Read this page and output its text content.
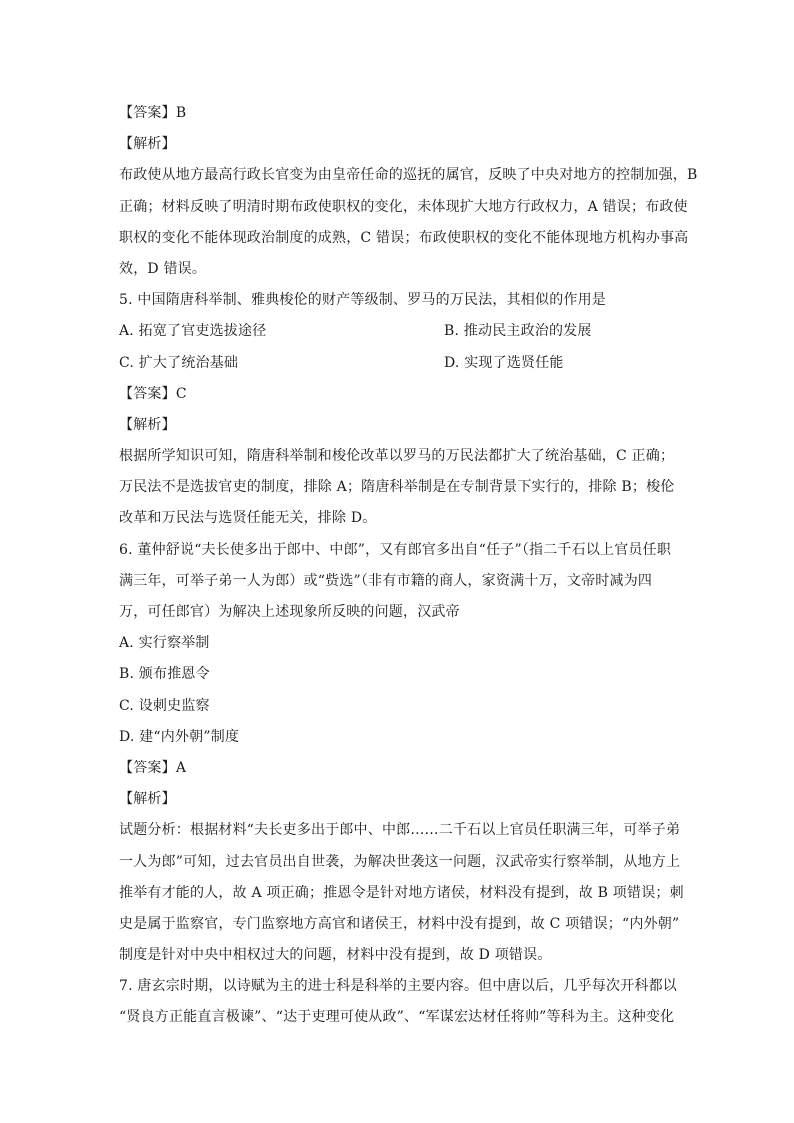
【答案】B
【解析】
布政使从地方最高行政长官变为由皇帝任命的巡抚的属官，反映了中央对地方的控制加强，B
正确；材料反映了明清时期布政使职权的变化，未体现扩大地方行政权力，A 错误；布政使
职权的变化不能体现政治制度的成熟，C 错误；布政使职权的变化不能体现地方机构办事高
效，D 错误。
5. 中国隋唐科举制、雅典梭伦的财产等级制、罗马的万民法，其相似的作用是
A. 拓宽了官吏选拔途径	B. 推动民主政治的发展
C. 扩大了统治基础	D. 实现了选贤任能
【答案】C
【解析】
根据所学知识可知，隋唐科举制和梭伦改革以罗马的万民法都扩大了统治基础，C 正确；
万民法不是选拔官吏的制度，排除 A；隋唐科举制是在专制背景下实行的，排除 B；梭伦
改革和万民法与选贤任能无关，排除 D。
6. 董仲舒说“夫长使多出于郎中、中郎”，又有郎官多出自“任子”（指二千石以上官员任职
满三年，可举子弟一人为郎）或“赀选”（非有市籍的商人，家资满十万，文帝时减为四
万，可任郎官）为解决上述现象所反映的问题，汉武帝
A. 实行察举制
B. 颁布推恩令
C. 设刺史监察
D. 建“内外朝”制度
【答案】A
【解析】
试题分析：根据材料“夫长吏多出于郎中、中郎……二千石以上官员任职满三年，可举子弟
一人为郎”可知，过去官员出自世袭，为解决世袭这一问题，汉武帝实行察举制，从地方上
推举有才能的人，故 A 项正确；推恩令是针对地方诸侯，材料没有提到，故 B 项错误；刺
史是属于监察官，专门监察地方高官和诸侯王，材料中没有提到，故 C 项错误；“内外朝”
制度是针对中央中相权过大的问题，材料中没有提到，故 D 项错误。
7. 唐玄宗时期，以诗赋为主的进士科是科举的主要内容。但中唐以后，几乎每次开科都以
“贤良方正能直言极谏”、“达于吏理可使从政”、“军谋宏达材任将帅”等科为主。这种变化
